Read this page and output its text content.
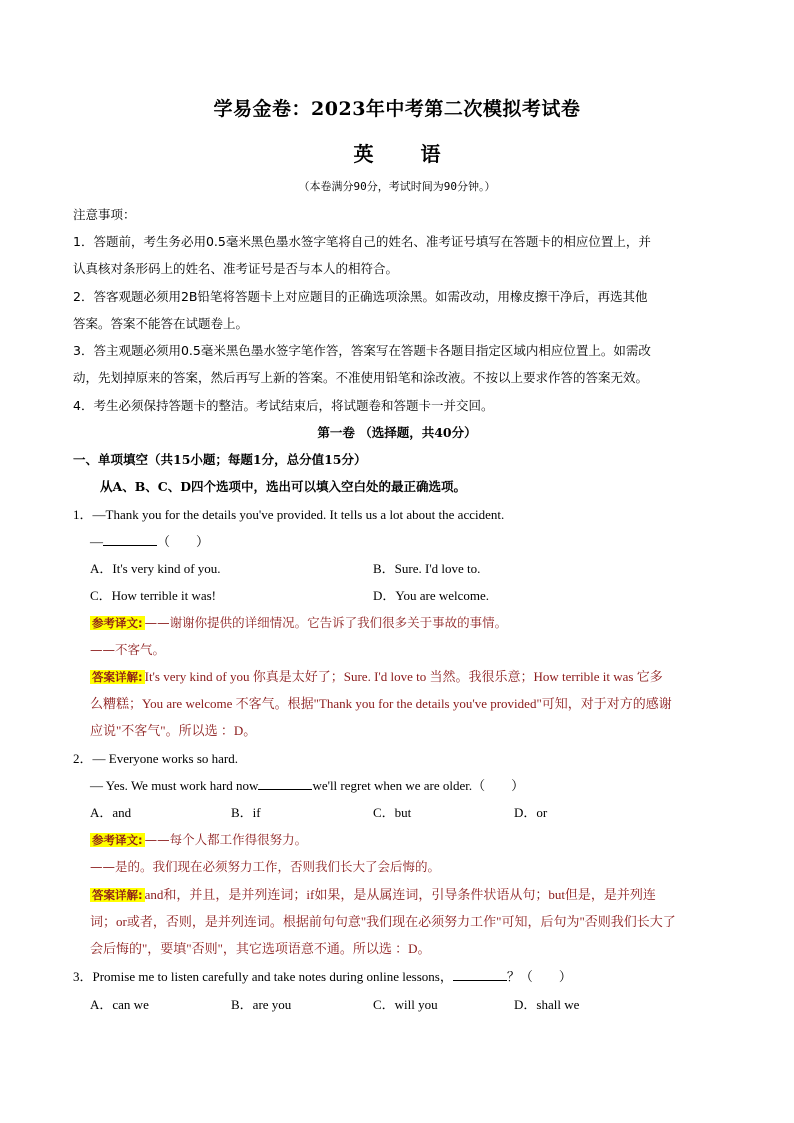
学易金卷：2023年中考第二次模拟考试卷
英 语
（本卷满分90分，考试时间为90分钟。）
注意事项：
1．答题前，考生务必用0.5毫米黑色墨水签字笔将自己的姓名、准考证号填写在答题卡的相应位置上，并
认真核对条形码上的姓名、准考证号是否与本人的相符合。
2．答客观题必须用2B铅笔将答题卡上对应题目的正确选项涂黑。如需改动，用橡皮擦干净后，再选其他
答案。答案不能答在试题卷上。
3．答主观题必须用0.5毫米黑色墨水签字笔作答，答案写在答题卡各题目指定区域内相应位置上。如需改
动，先划掉原来的答案，然后再写上新的答案。不准使用铅笔和涂改液。不按以上要求作答的答案无效。
4．考生必须保持答题卡的整洁。考试结束后，将试题卷和答题卡一并交回。
第一卷 （选择题，共40分）
一、单项填空（共15小题；每题1分，总分值15分）
从A、B、C、D四个选项中，选出可以填入空白处的最正确选项。
1．—Thank you for the details you've provided. It tells us a lot about the accident.
—	（　　）
A．It's very kind of you.	B．Sure. I'd love to.
C．How terrible it was!	D．You are welcome.
参考译文: ——谢谢你提供的详细情况。它告诉了我们很多关于事故的事情。
——不客气。
答案详解: It's very kind of you 你真是太好了；Sure. I'd love to 当然。我很乐意；How terrible it was 它多
么糟糕；You are welcome 不客气。根据"Thank you for the details you've provided"可知，对于对方的感谢
应说"不客气"。所以选 ：D。
2．— Everyone works so hard.
— Yes. We must work hard now	we'll regret when we are older.（　　）
A．and	B．if	C．but	D．or
参考译文: ——每个人都工作得很努力。
——是的。我们现在必须努力工作，否则我们长大了会后悔的。
答案详解: and和，并且，是并列连词；if如果，是从属连词，引导条件状语从句；but但是，是并列连
词；or或者，否则，是并列连词。根据前句句意"我们现在必须努力工作"可知，后句为"否则我们长大了
会后悔的"，要填"否则"，其它选项语意不通。所以选 ：D。
3．Promise me to listen carefully and take notes during online lessons，	？（　　）
A．can we	B．are you	C．will you	D．shall we
